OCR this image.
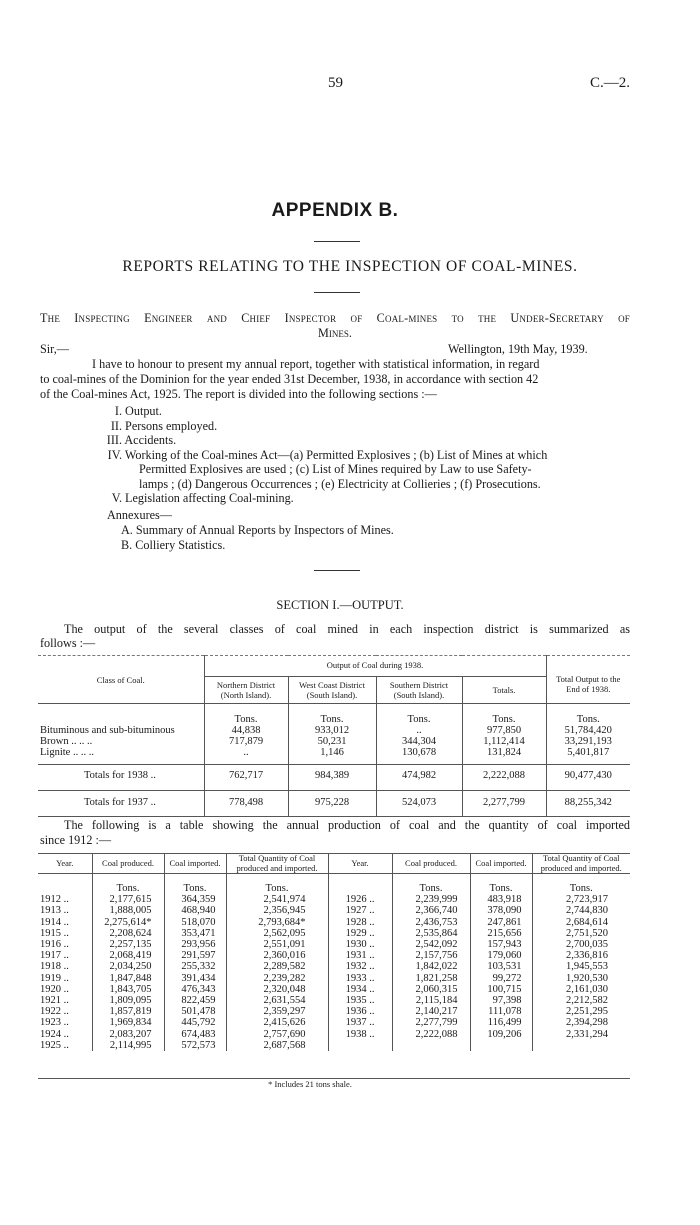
59	C.—2.
APPENDIX B.
REPORTS RELATING TO THE INSPECTION OF COAL-MINES.
The Inspecting Engineer and Chief Inspector of Coal-mines to the Under-Secretary of
Mines.
Sir,—	Wellington, 19th May, 1939.
I have to honour to present my annual report, together with statistical information, in regard
to coal-mines of the Dominion for the year ended 31st December, 1938, in accordance with section 42
of the Coal-mines Act, 1925. The report is divided into the following sections :—
I. Output.
II. Persons employed.
III. Accidents.
IV. Working of the Coal-mines Act—(a) Permitted Explosives ; (b) List of Mines at which
Permitted Explosives are used ; (c) List of Mines required by Law to use Safety-
lamps ; (d) Dangerous Occurrences ; (e) Electricity at Collieries ; (f) Prosecutions.
V. Legislation affecting Coal-mining.
Annexures—
A. Summary of Annual Reports by Inspectors of Mines.
B. Colliery Statistics.
SECTION I.—OUTPUT.
The output of the several classes of coal mined in each inspection district is summarized as
follows :—
Class of Coal.	Output of Coal during 1938.				Total Output to the End of 1938.
	Northern District (North Island).	West Coast District (South Island).	Southern District (South Island).	Totals.	
	Tons.	Tons.	Tons.	Tons.	Tons.
Bituminous and sub-bituminous	44,838	933,012	..	977,850	51,784,420
Brown .. .. ..	717,879	50,231	344,304	1,112,414	33,291,193
Lignite .. .. ..	..	1,146	130,678	131,824	5,401,817
Totals for 1938 ..	762,717	984,389	474,982	2,222,088	90,477,430
Totals for 1937 ..	778,498	975,228	524,073	2,277,799	88,255,342
The following is a table showing the annual production of coal and the quantity of coal imported
since 1912 :—
Year.	Coal produced.	Coal imported.	Total Quantity of Coal produced and imported.	Year.	Coal produced.	Coal imported.	Total Quantity of Coal produced and imported.
	Tons.	Tons.	Tons.		Tons.	Tons.	Tons.
1912 ..	2,177,615	364,359	2,541,974	1926 ..	2,239,999	483,918	2,723,917
1913 ..	1,888,005	468,940	2,356,945	1927 ..	2,366,740	378,090	2,744,830
1914 ..	2,275,614*	518,070	2,793,684*	1928 ..	2,436,753	247,861	2,684,614
1915 ..	2,208,624	353,471	2,562,095	1929 ..	2,535,864	215,656	2,751,520
1916 ..	2,257,135	293,956	2,551,091	1930 ..	2,542,092	157,943	2,700,035
1917 ..	2,068,419	291,597	2,360,016	1931 ..	2,157,756	179,060	2,336,816
1918 ..	2,034,250	255,332	2,289,582	1932 ..	1,842,022	103,531	1,945,553
1919 ..	1,847,848	391,434	2,239,282	1933 ..	1,821,258	99,272	1,920,530
1920 ..	1,843,705	476,343	2,320,048	1934 ..	2,060,315	100,715	2,161,030
1921 ..	1,809,095	822,459	2,631,554	1935 ..	2,115,184	97,398	2,212,582
1922 ..	1,857,819	501,478	2,359,297	1936 ..	2,140,217	111,078	2,251,295
1923 ..	1,969,834	445,792	2,415,626	1937 ..	2,277,799	116,499	2,394,298
1924 ..	2,083,207	674,483	2,757,690	1938 ..	2,222,088	109,206	2,331,294
1925 ..	2,114,995	572,573	2,687,568				
* Includes 21 tons shale.
